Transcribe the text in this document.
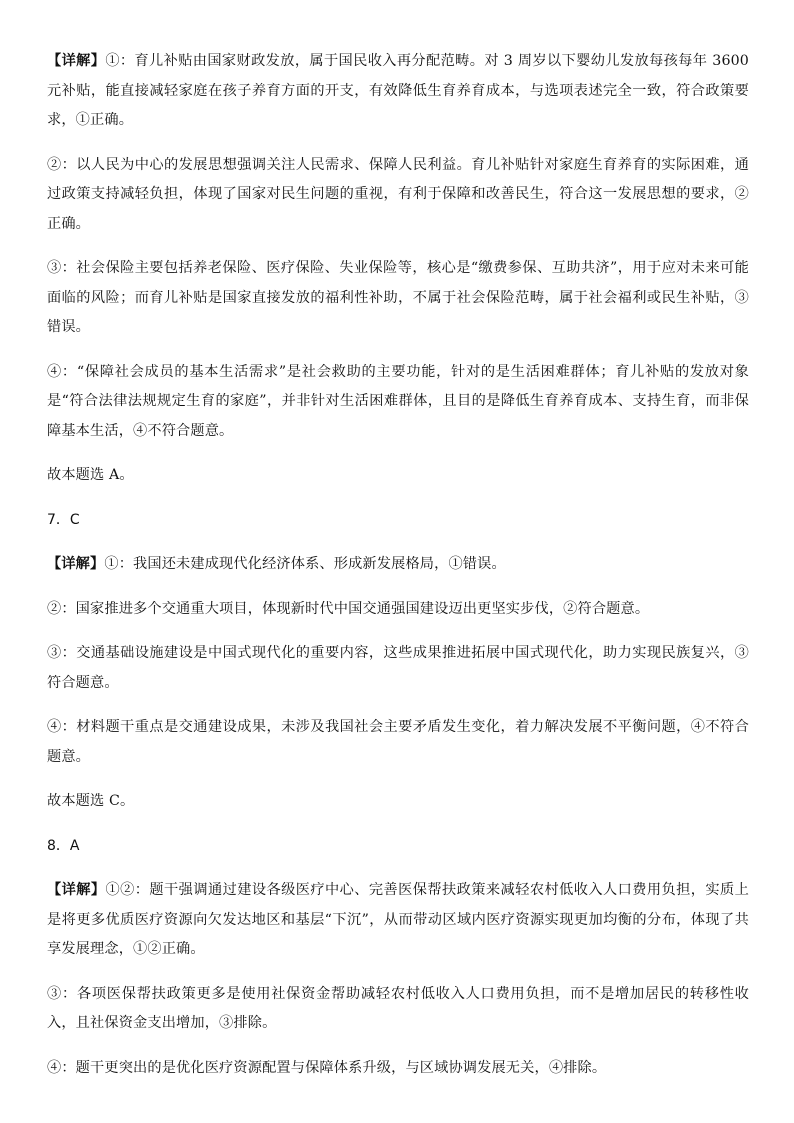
【详解】①：育儿补贴由国家财政发放，属于国民收入再分配范畴。对 3 周岁以下婴幼儿发放每孩每年 3600 元补贴，能直接减轻家庭在孩子养育方面的开支，有效降低生育养育成本，与选项表述完全一致，符合政策要求，①正确。

②：以人民为中心的发展思想强调关注人民需求、保障人民利益。育儿补贴针对家庭生育养育的实际困难，通过政策支持减轻负担，体现了国家对民生问题的重视，有利于保障和改善民生，符合这一发展思想的要求，②正确。

③：社会保险主要包括养老保险、医疗保险、失业保险等，核心是“缴费参保、互助共济”，用于应对未来可能面临的风险；而育儿补贴是国家直接发放的福利性补助，不属于社会保险范畴，属于社会福利或民生补贴，③错误。

④：“保障社会成员的基本生活需求”是社会救助的主要功能，针对的是生活困难群体；育儿补贴的发放对象是“符合法律法规规定生育的家庭”，并非针对生活困难群体，且目的是降低生育养育成本、支持生育，而非保障基本生活，④不符合题意。

故本题选 A。

7．C

【详解】①：我国还未建成现代化经济体系、形成新发展格局，①错误。

②：国家推进多个交通重大项目，体现新时代中国交通强国建设迈出更坚实步伐，②符合题意。

③：交通基础设施建设是中国式现代化的重要内容，这些成果推进拓展中国式现代化，助力实现民族复兴，③符合题意。

④：材料题干重点是交通建设成果，未涉及我国社会主要矛盾发生变化，着力解决发展不平衡问题，④不符合题意。

故本题选 C。

8．A

【详解】①②：题干强调通过建设各级医疗中心、完善医保帮扶政策来减轻农村低收入人口费用负担，实质上是将更多优质医疗资源向欠发达地区和基层“下沉”，从而带动区域内医疗资源实现更加均衡的分布，体现了共享发展理念，①②正确。

③：各项医保帮扶政策更多是使用社保资金帮助减轻农村低收入人口费用负担，而不是增加居民的转移性收入，且社保资金支出增加，③排除。

④：题干更突出的是优化医疗资源配置与保障体系升级，与区域协调发展无关，④排除。
